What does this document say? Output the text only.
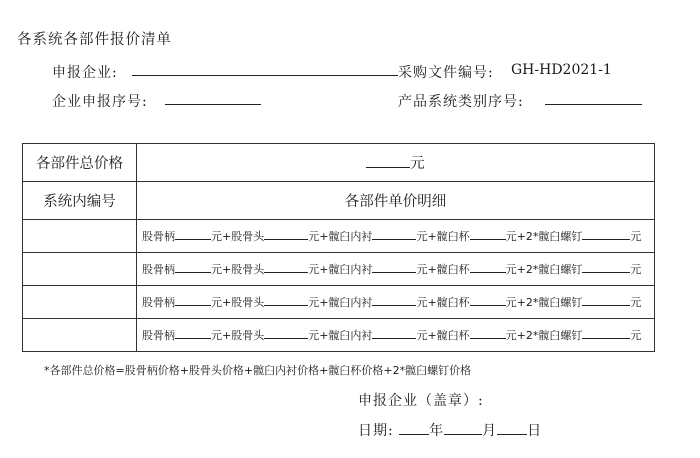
各系统各部件报价清单
申报企业:	采购文件编号: GH-HD2021-1
企业申报序号:	产品系统类别序号:
各部件总价格	元
系统内编号	各部件单价明细
	股骨柄 元+股骨头 元+髋臼内衬 元+髋臼杯 元+2*髋臼螺钉 元
	股骨柄 元+股骨头 元+髋臼内衬 元+髋臼杯 元+2*髋臼螺钉 元
	股骨柄 元+股骨头 元+髋臼内衬 元+髋臼杯 元+2*髋臼螺钉 元
	股骨柄 元+股骨头 元+髋臼内衬 元+髋臼杯 元+2*髋臼螺钉 元
*各部件总价格=股骨柄价格+股骨头价格+髋臼内衬价格+髋臼杯价格+2*髋臼螺钉价格
申报企业（盖章）:
日期:	年	月 日
